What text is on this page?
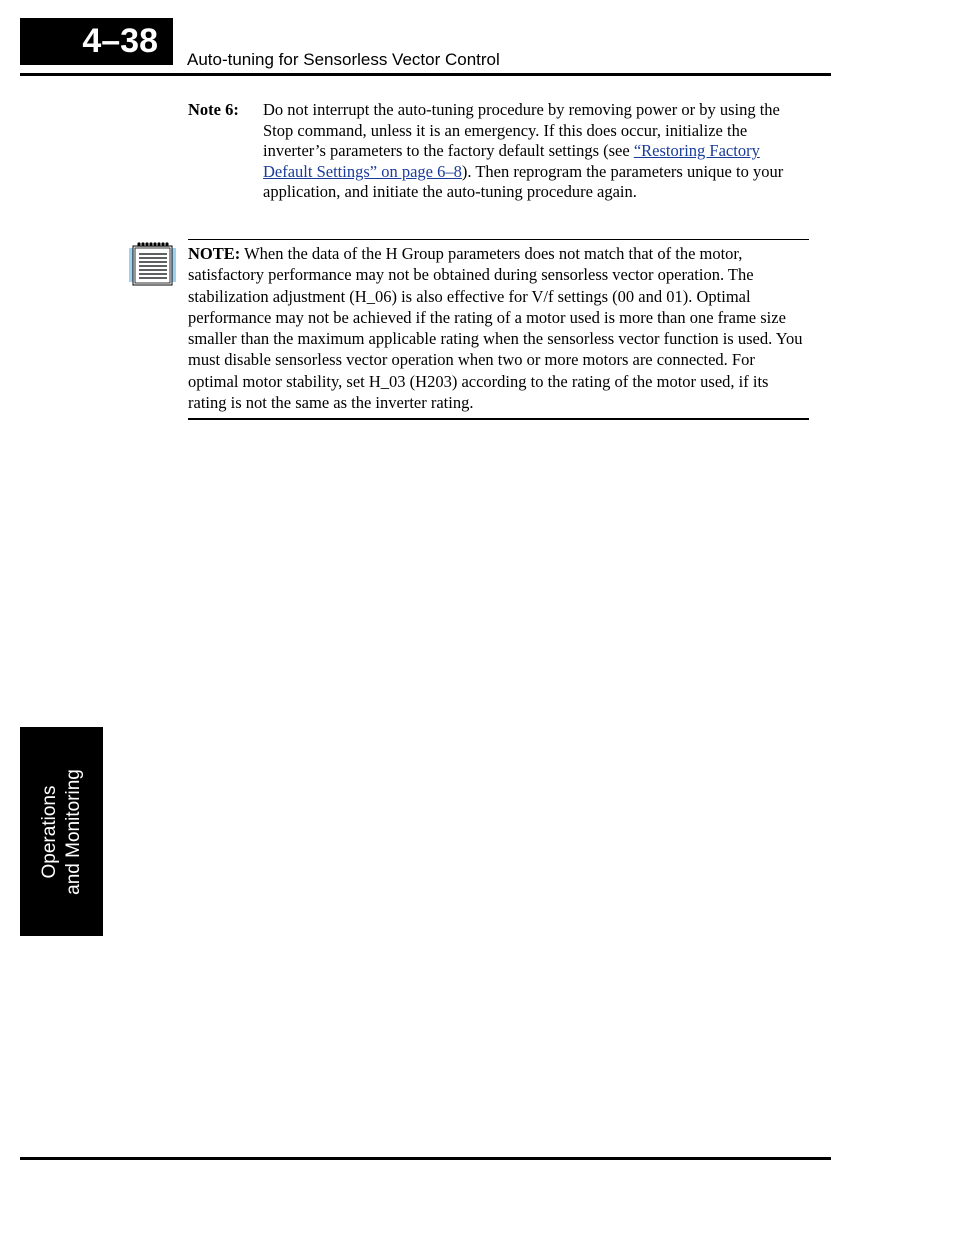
4–38	Auto-tuning for Sensorless Vector Control
Note 6: Do not interrupt the auto-tuning procedure by removing power or by using the Stop command, unless it is an emergency. If this does occur, initialize the inverter’s parameters to the factory default settings (see “Restoring Factory Default Settings” on page 6–8). Then reprogram the parameters unique to your application, and initiate the auto-tuning procedure again.
NOTE: When the data of the H Group parameters does not match that of the motor, satisfactory performance may not be obtained during sensorless vector operation. The stabilization adjustment (H_06) is also effective for V/f settings (00 and 01). Optimal performance may not be achieved if the rating of a motor used is more than one frame size smaller than the maximum applicable rating when the sensorless vector function is used. You must disable sensorless vector operation when two or more motors are connected. For optimal motor stability, set H_03 (H203) according to the rating of the motor used, if its rating is not the same as the inverter rating.
Operations and Monitoring
